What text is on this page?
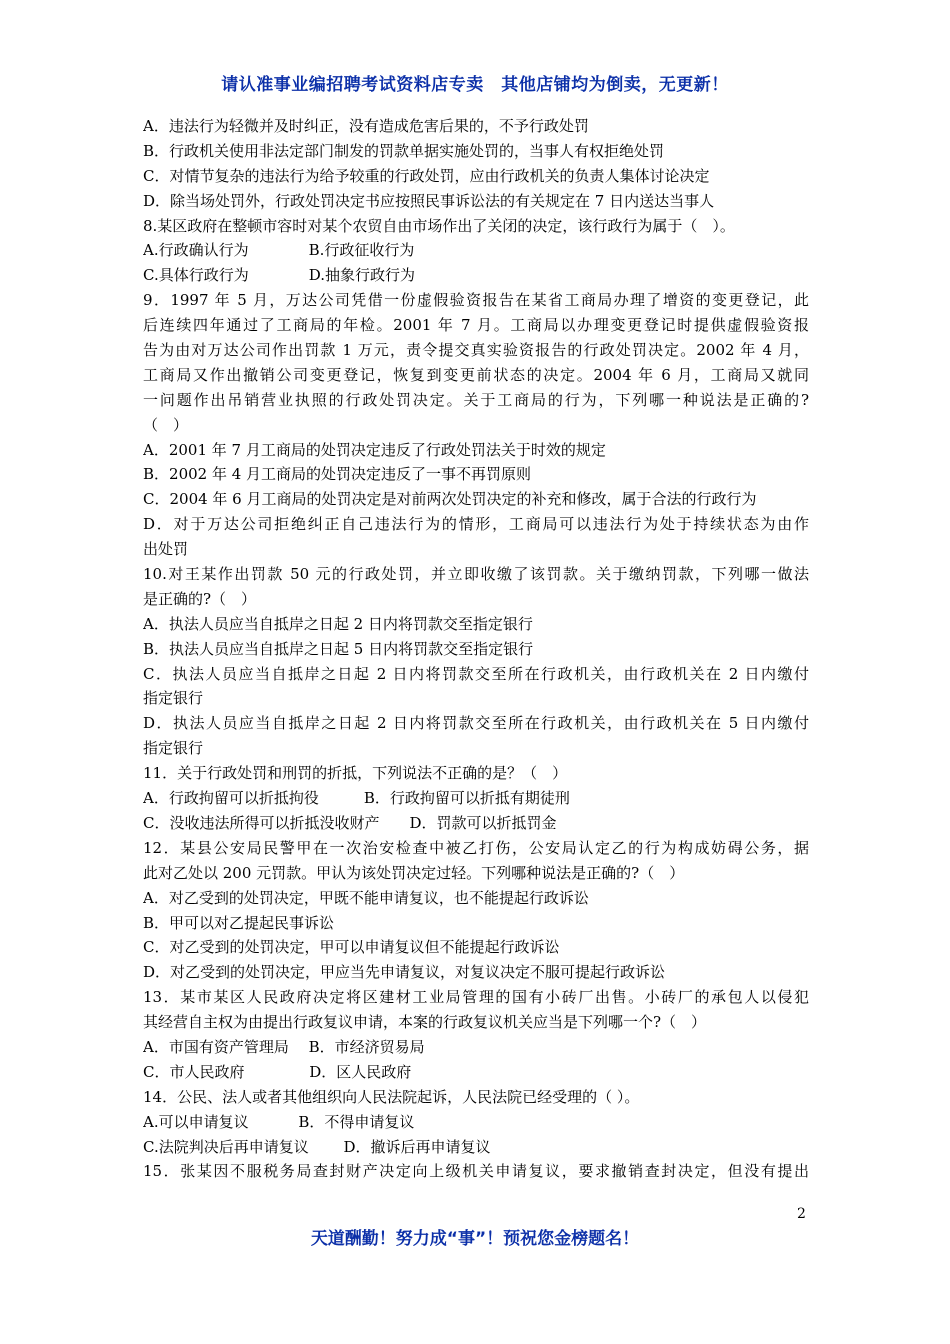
请认准事业编招聘考试资料店专卖　其他店铺均为倒卖，无更新！
A．违法行为轻微并及时纠正，没有造成危害后果的，不予行政处罚
B．行政机关使用非法定部门制发的罚款单据实施处罚的，当事人有权拒绝处罚
C．对情节复杂的违法行为给予较重的行政处罚，应由行政机关的负责人集体讨论决定
D．除当场处罚外，行政处罚决定书应按照民事诉讼法的有关规定在 7 日内送达当事人
8.某区政府在整顿市容时对某个农贸自由市场作出了关闭的决定，该行政行为属于（　）。
A.行政确认行为　　　　B.行政征收行为
C.具体行政行为　　　　D.抽象行政行为
9．1997 年 5 月，万达公司凭借一份虚假验资报告在某省工商局办理了增资的变更登记，此
后连续四年通过了工商局的年检。2001 年 7 月。工商局以办理变更登记时提供虚假验资报
告为由对万达公司作出罚款 1 万元，责令提交真实验资报告的行政处罚决定。2002 年 4 月，
工商局又作出撤销公司变更登记，恢复到变更前状态的决定。2004 年 6 月，工商局又就同
一问题作出吊销营业执照的行政处罚决定。关于工商局的行为，下列哪一种说法是正确的?
（　）
A．2001 年 7 月工商局的处罚决定违反了行政处罚法关于时效的规定
B．2002 年 4 月工商局的处罚决定违反了一事不再罚原则
C．2004 年 6 月工商局的处罚决定是对前两次处罚决定的补充和修改，属于合法的行政行为
D．对于万达公司拒绝纠正自己违法行为的情形，工商局可以违法行为处于持续状态为由作
出处罚
10.对王某作出罚款 50 元的行政处罚，并立即收缴了该罚款。关于缴纳罚款，下列哪一做法
是正确的?（　）
A．执法人员应当自抵岸之日起 2 日内将罚款交至指定银行
B．执法人员应当自抵岸之日起 5 日内将罚款交至指定银行
C．执法人员应当自抵岸之日起 2 日内将罚款交至所在行政机关，由行政机关在 2 日内缴付
指定银行
D．执法人员应当自抵岸之日起 2 日内将罚款交至所在行政机关，由行政机关在 5 日内缴付
指定银行
11．关于行政处罚和刑罚的折抵，下列说法不正确的是？（　）
A．行政拘留可以折抵拘役　　　B．行政拘留可以折抵有期徒刑
C．没收违法所得可以折抵没收财产　　D．罚款可以折抵罚金
12．某县公安局民警甲在一次治安检查中被乙打伤，公安局认定乙的行为构成妨碍公务，据
此对乙处以 200 元罚款。甲认为该处罚决定过轻。下列哪种说法是正确的?（　）
A．对乙受到的处罚决定，甲既不能申请复议，也不能提起行政诉讼
B．甲可以对乙提起民事诉讼
C．对乙受到的处罚决定，甲可以申请复议但不能提起行政诉讼
D．对乙受到的处罚决定，甲应当先申请复议，对复议决定不服可提起行政诉讼
13．某市某区人民政府决定将区建材工业局管理的国有小砖厂出售。小砖厂的承包人以侵犯
其经营自主权为由提出行政复议申请，本案的行政复议机关应当是下列哪一个?（　）
A．市国有资产管理局　 B．市经济贸易局
C．市人民政府　　　　 D．区人民政府
14．公民、法人或者其他组织向人民法院起诉，人民法院已经受理的（ ）。
A.可以申请复议　　　 B．不得申请复议
C.法院判决后再申请复议　　 D．撤诉后再申请复议
15．张某因不服税务局查封财产决定向上级机关申请复议，要求撤销查封决定，但没有提出
2
天道酬勤！努力成“事”！预祝您金榜题名！
